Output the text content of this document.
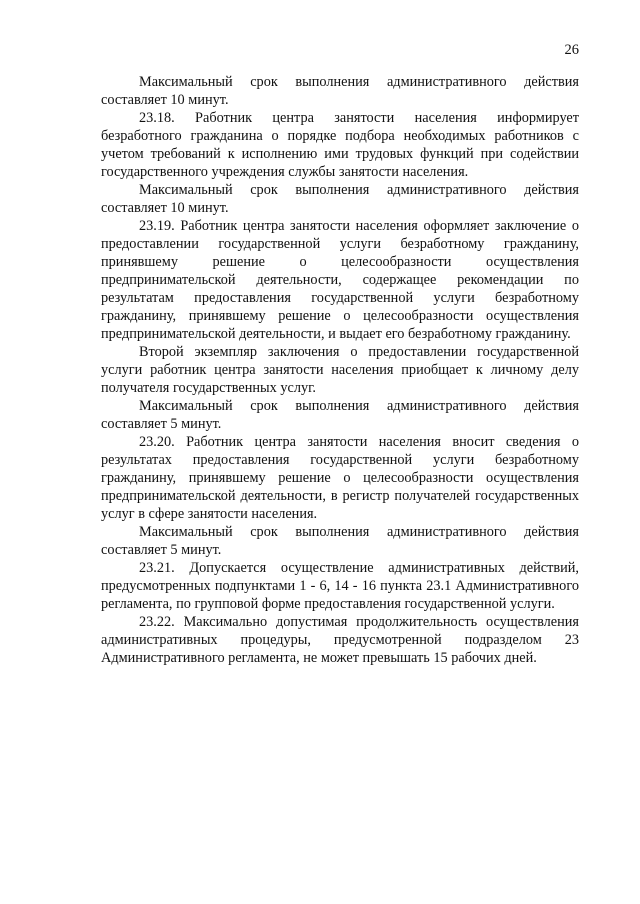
26

Максимальный срок выполнения административного действия составляет 10 минут.

23.18. Работник центра занятости населения информирует безработного гражданина о порядке подбора необходимых работников с учетом требований к исполнению ими трудовых функций при содействии государственного учреждения службы занятости населения.

Максимальный срок выполнения административного действия составляет 10 минут.

23.19. Работник центра занятости населения оформляет заключение о предоставлении государственной услуги безработному гражданину, принявшему решение о целесообразности осуществления предпринимательской деятельности, содержащее рекомендации по результатам предоставления государственной услуги безработному гражданину, принявшему решение о целесообразности осуществления предпринимательской деятельности, и выдает его безработному гражданину.

Второй экземпляр заключения о предоставлении государственной услуги работник центра занятости населения приобщает к личному делу получателя государственных услуг.

Максимальный срок выполнения административного действия составляет 5 минут.

23.20. Работник центра занятости населения вносит сведения о результатах предоставления государственной услуги безработному гражданину, принявшему решение о целесообразности осуществления предпринимательской деятельности, в регистр получателей государственных услуг в сфере занятости населения.

Максимальный срок выполнения административного действия составляет 5 минут.

23.21. Допускается осуществление административных действий, предусмотренных подпунктами 1 - 6, 14 - 16 пункта 23.1 Административного регламента, по групповой форме предоставления государственной услуги.

23.22. Максимально допустимая продолжительность осуществления административных процедуры, предусмотренной подразделом 23 Административного регламента, не может превышать 15 рабочих дней.
